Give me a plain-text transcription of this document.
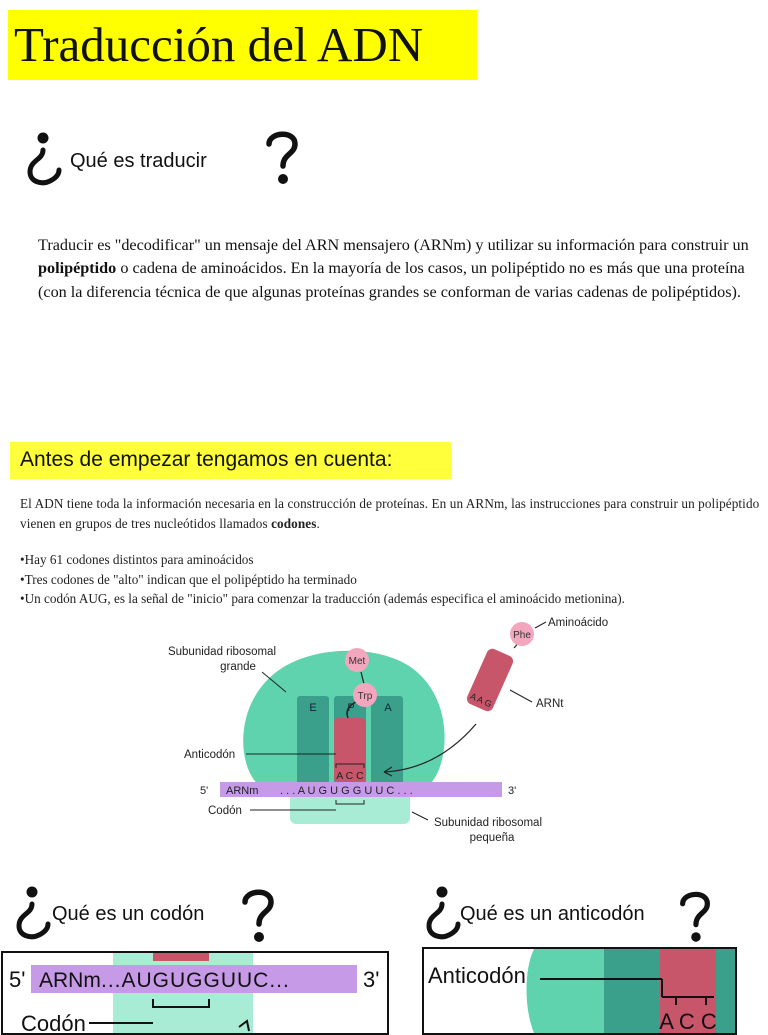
Traducción del ADN
Qué es traducir
Traducir es "decodificar" un mensaje del ARN mensajero (ARNm) y utilizar su información para construir un polipéptido o cadena de aminoácidos. En la mayoría de los casos, un polipéptido no es más que una proteína (con la diferencia técnica de que algunas proteínas grandes se conforman de varias cadenas de polipéptidos).
Antes de empezar tengamos en cuenta:
El ADN tiene toda la información necesaria en la construcción de proteínas. En un ARNm, las instrucciones para construir un polipéptido vienen en grupos de tres nucleótidos llamados codones.
•Hay 61 codones distintos para aminoácidos
•Tres codones de "alto" indican que el polipéptido ha terminado
•Un codón AUG, es la señal de "inicio" para comenzar la traducción (además especifica el aminoácido metionina).
E	P	A
Met
Trp	A A G
Phe
Subunidad ribosomal
grande
Aminoácido
ARNt
Anticodón
A C C
5' ARNm . . . A U G U G G U U C . . .	3'
Codón
Subunidad ribosomal
pequeña
Qué es un codón	Qué es un anticodón
5' ARNm ...AUGUGGUUC...	3'
Codón
Anticodón
A C C
